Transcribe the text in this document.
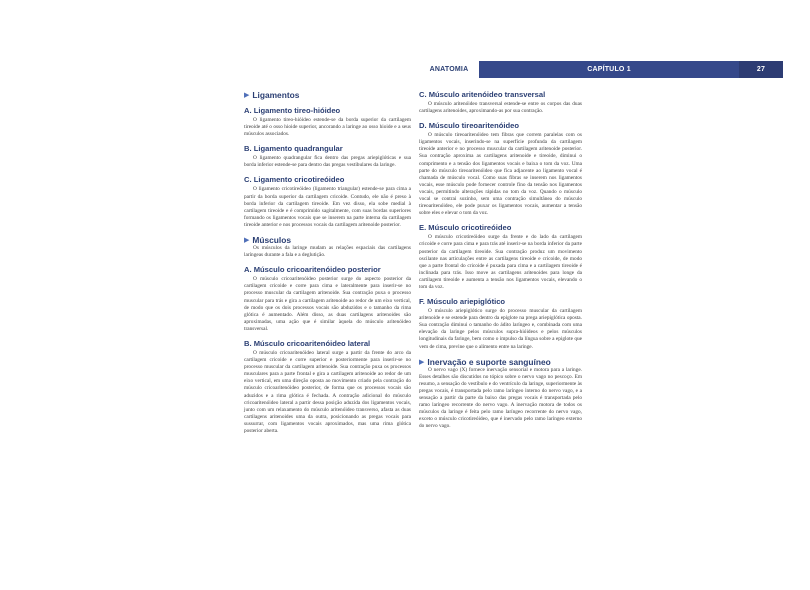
ANATOMIA	CAPÍTULO 1	27
▶ Ligamentos
A. Ligamento tireo-hióideo

O ligamento tireo-hióideo estende-se da borda superior da cartilagem tireoide até o osso hioide superior, ancorando a laringe ao osso hioide e a seus músculos associados.

B. Ligamento quadrangular

O ligamento quadrangular fica dentro das pregas ariepiglóticas e sua borda inferior estende-se para dentro das pregas vestibulares da laringe.

C. Ligamento cricotireóideo

O ligamento cricotireóideo (ligamento triangular) estende-se para cima a partir da borda superior da cartilagem cricoide. Contudo, ele não é preso à borda inferior da cartilagem tireoide. Em vez disso, ela sobe medial à cartilagem tireoide e é comprimido sagitalmente, com suas bordas superiores formando os ligamentos vocais que se inserem na parte interna da cartilagem tireoide anterior e nos processos vocais da cartilagem aritenoide posterior.

▶ Músculos

Os músculos da laringe mudam as relações espaciais das cartilagens laríngeas durante a fala e a deglutição.

A. Músculo cricoaritenóideo posterior

O músculo cricoaritenóideo posterior surge do aspecto posterior da cartilagem cricoide e corre para cima e lateralmente para inserir-se no processo muscular da cartilagem aritenoide. Sua contração puxa o processo muscular para trás e gira a cartilagem aritenoide ao redor de um eixo vertical, de modo que os dois processos vocais são abduzidos e o tamanho da rima glótica é aumentado. Além disso, as duas cartilagens aritenoides são aproximadas, uma ação que é similar àquela do músculo aritenóideo transversal.

B. Músculo cricoaritenóideo lateral

O músculo cricoaritenóideo lateral surge a partir da frente do arco da cartilagem cricoide e corre superior e posteriormente para inserir-se no processo muscular da cartilagem aritenoide. Sua contração puxa os processos musculares para a parte frontal e gira a cartilagem aritenoide ao redor de um eixo vertical, em uma direção oposta ao movimento criado pela contração do músculo cricoaritenóideo posterior, de forma que os processos vocais são aduzidos e a rima glótica é fechada. A contração adicional do músculo cricoaritenóideo lateral a partir dessa posição aduzida dos ligamentos vocais, junto com um relaxamento do músculo aritenóideo transverso, afasta as duas cartilagens aritenoides uma da outra, posicionando as pregas vocais para sussurrar, com ligamentos vocais aproximados, mas uma rima glótica posterior aberta.

C. Músculo aritenóideo transversal

O músculo aritenóideo transversal estende-se entre os corpos das duas cartilagens aritenoides, aproximando-as por sua contração.

D. Músculo tireoaritenóideo

O músculo tireoaritenóideo tem fibras que correm paralelas com os ligamentos vocais, inserindo-se na superfície profunda da cartilagem tireoide anterior e no processo muscular da cartilagem aritenoide posterior. Sua contração aproxima as cartilagens aritenoide e tireoide, diminui o comprimento e a tensão dos ligamentos vocais e baixa o tom da voz. Uma parte do músculo tireoaritenóideo que fica adjacente ao ligamento vocal é chamada de músculo vocal. Como suas fibras se inserem nos ligamentos vocais, esse músculo pode fornecer controle fino da tensão nos ligamentos vocais, permitindo alterações rápidas no tom da voz. Quando o músculo vocal se contrai sozinho, sem uma contração simultânea do músculo tireoaritenóideo, ele pode puxar os ligamentos vocais, aumentar a tensão sobre eles e elevar o tom da voz.

E. Músculo cricotireóideo

O músculo cricotireóideo surge da frente e do lado da cartilagem cricoide e corre para cima e para trás até inserir-se na borda inferior da parte posterior da cartilagem tireoide. Sua contração produz um movimento oscilante nas articulações entre as cartilagens tireoide e cricoide, de modo que a parte frontal do cricoide é puxada para cima e a cartilagem tireoide é inclinada para trás. Isso move as cartilagens aritenoides para longe da cartilagem tireoide e aumenta a tensão nos ligamentos vocais, elevando o tom da voz.

F. Músculo ariepiglótico

O músculo ariepiglótico surge do processo muscular da cartilagem aritenoide e se estende para dentro da epiglote na prega ariepiglótica oposta. Sua contração diminui o tamanho do ádito laríngeo e, combinada com uma elevação da laringe pelos músculos supra-hióideos e pelos músculos longitudinais da faringe, bem como o impulso da língua sobre a epiglote que vem de cima, previne que o alimento entre na laringe.

▶ Inervação e suporte sanguíneo

O nervo vago (X) fornece inervação sensorial e motora para a laringe. Esses detalhes são discutidos no tópico sobre o nervo vago no pescoço. Em resumo, a sensação do vestíbulo e do ventrículo da laringe, superiormente às pregas vocais, é transportada pelo ramo laríngeo interno do nervo vago, e a sensação a partir da parte da baixo das pregas vocais é transportada pelo ramo laríngeo recorrente do nervo vago. A inervação motora de todos os músculos da laringe é feita pelo ramo laríngeo recorrente do nervo vago, exceto o músculo cricotireóideo, que é inervado pelo ramo laríngeo externo do nervo vago.
